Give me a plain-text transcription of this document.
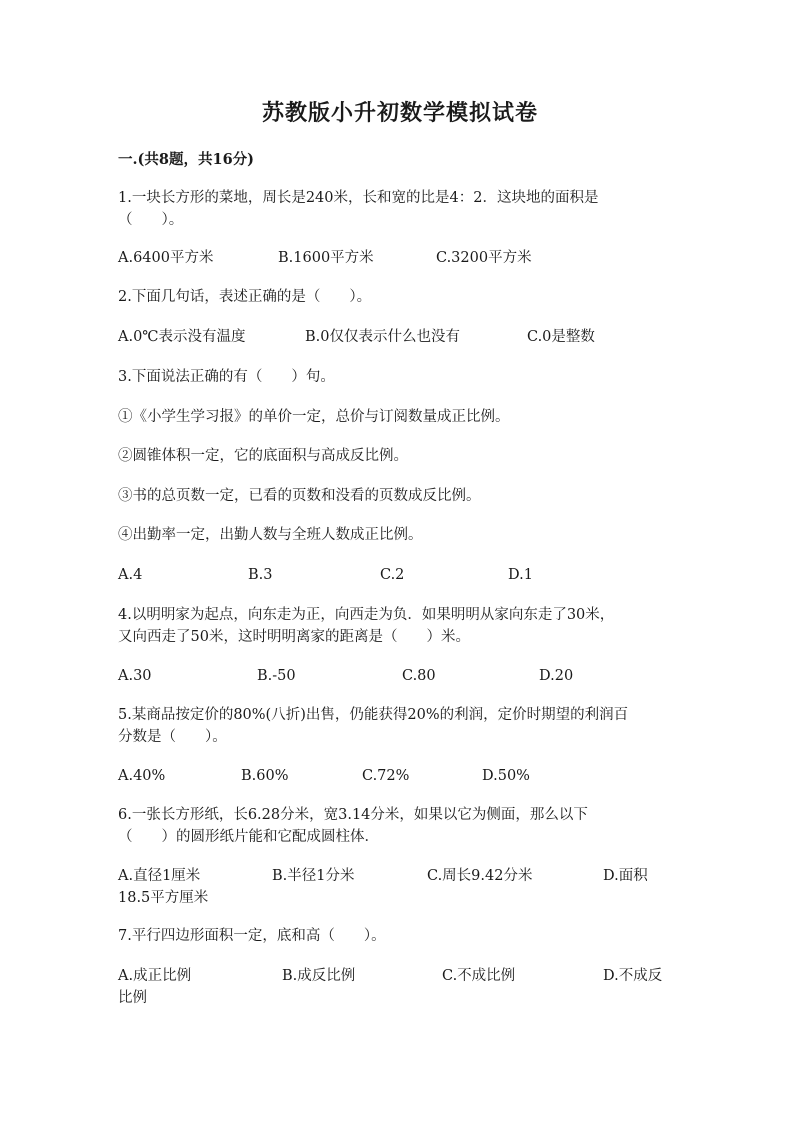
苏教版小升初数学模拟试卷
一.(共8题，共16分)
1.一块长方形的菜地，周长是240米，长和宽的比是4：2．这块地的面积是
（　　）。
A.6400平方米	B.1600平方米	C.3200平方米
2.下面几句话，表述正确的是（　　）。
A.0℃表示没有温度	B.0仅仅表示什么也没有	C.0是整数
3.下面说法正确的有（　　）句。
①《小学生学习报》的单价一定，总价与订阅数量成正比例。
②圆锥体积一定，它的底面积与高成反比例。
③书的总页数一定，已看的页数和没看的页数成反比例。
④出勤率一定，出勤人数与全班人数成正比例。
A.4	B.3	C.2	D.1
4.以明明家为起点，向东走为正，向西走为负．如果明明从家向东走了30米，
又向西走了50米，这时明明离家的距离是（　　）米。
A.30	B.-50	C.80	D.20
5.某商品按定价的80%(八折)出售，仍能获得20%的利润，定价时期望的利润百
分数是（　　）。
A.40%	B.60%	C.72%	D.50%
6.一张长方形纸，长6.28分米，宽3.14分米，如果以它为侧面，那么以下
（　　）的圆形纸片能和它配成圆柱体．
A.直径1厘米	B.半径1分米	C.周长9.42分米	D.面积
18.5平方厘米
7.平行四边形面积一定，底和高（　　）。
A.成正比例	B.成反比例	C.不成比例	D.不成反
比例
